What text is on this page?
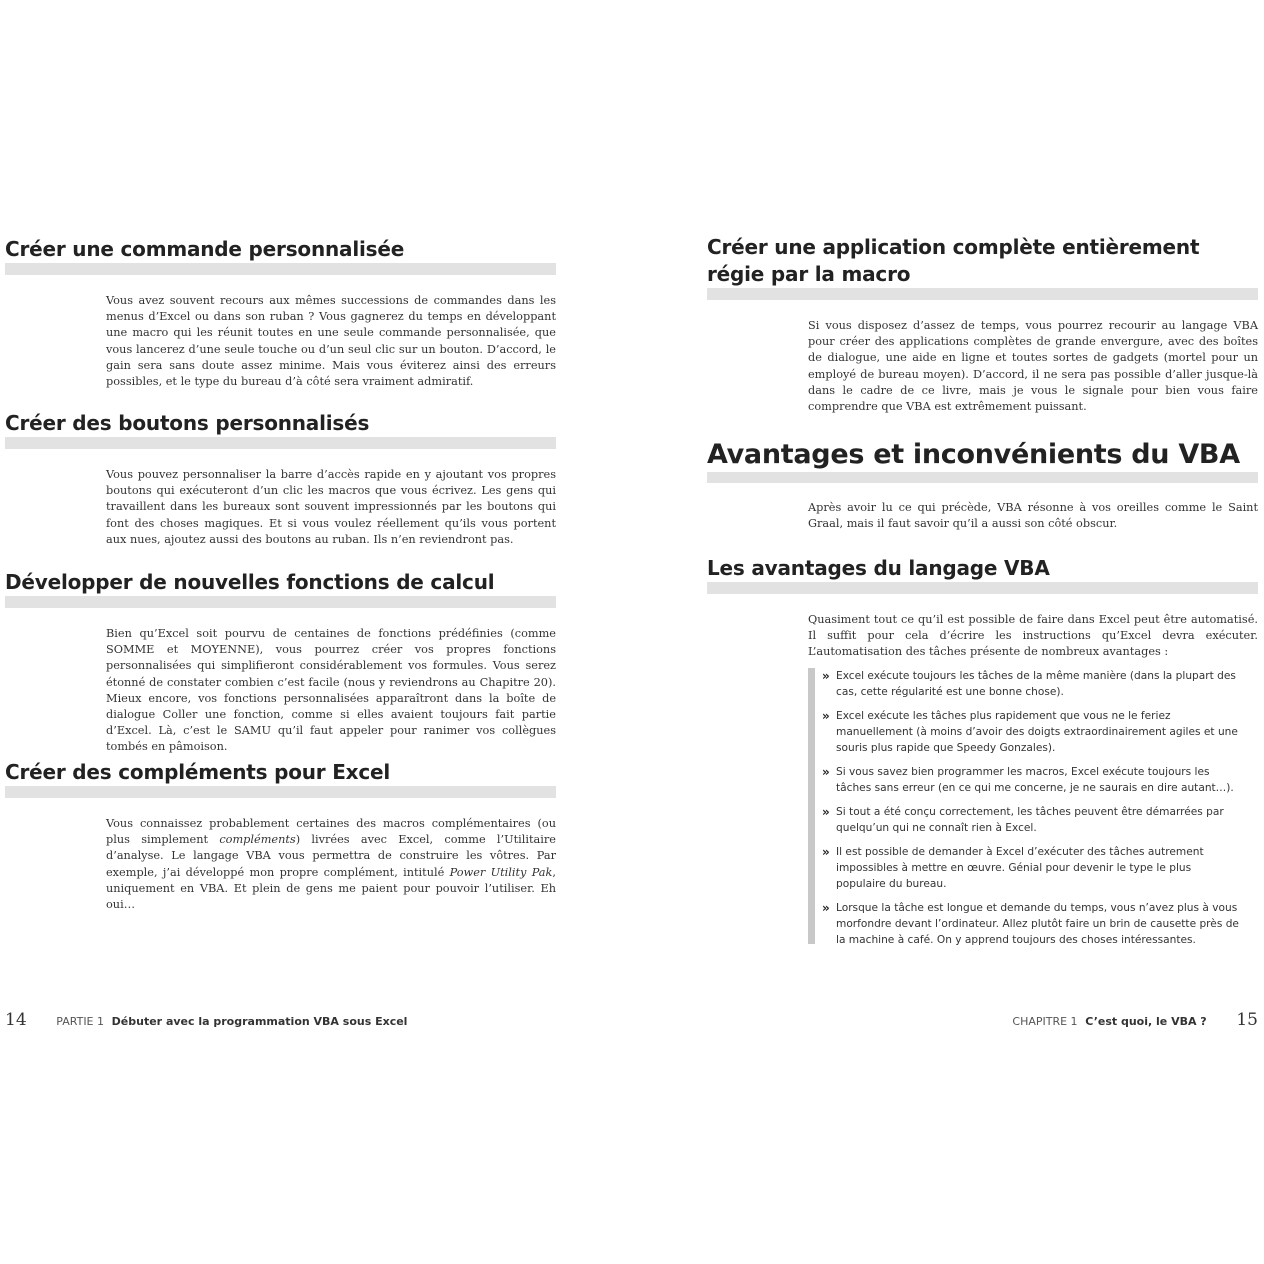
Créer une commande personnalisée

Vous avez souvent recours aux mêmes successions de commandes dans les menus d’Excel ou dans son ruban ? Vous gagnerez du temps en développant une macro qui les réunit toutes en une seule commande personnalisée, que vous lancerez d’une seule touche ou d’un seul clic sur un bouton. D’accord, le gain sera sans doute assez minime. Mais vous éviterez ainsi des erreurs possibles, et le type du bureau d’à côté sera vraiment admiratif.

Créer des boutons personnalisés

Vous pouvez personnaliser la barre d’accès rapide en y ajoutant vos propres boutons qui exécuteront d’un clic les macros que vous écrivez. Les gens qui travaillent dans les bureaux sont souvent impressionnés par les boutons qui font des choses magiques. Et si vous voulez réellement qu’ils vous portent aux nues, ajoutez aussi des boutons au ruban. Ils n’en reviendront pas.

Développer de nouvelles fonctions de calcul

Bien qu’Excel soit pourvu de centaines de fonctions prédéfinies (comme SOMME et MOYENNE), vous pourrez créer vos propres fonctions personnalisées qui simplifieront considérablement vos formules. Vous serez étonné de constater combien c’est facile (nous y reviendrons au Chapitre 20). Mieux encore, vos fonctions personnalisées apparaîtront dans la boîte de dialogue Coller une fonction, comme si elles avaient toujours fait partie d’Excel. Là, c’est le SAMU qu’il faut appeler pour ranimer vos collègues tombés en pâmoison.

Créer des compléments pour Excel

Vous connaissez probablement certaines des macros complémentaires (ou plus simplement compléments) livrées avec Excel, comme l’Utilitaire d’analyse. Le langage VBA vous permettra de construire les vôtres. Par exemple, j’ai développé mon propre complément, intitulé Power Utility Pak, uniquement en VBA. Et plein de gens me paient pour pouvoir l’utiliser. Eh oui…

14	PARTIE 1 Débuter avec la programmation VBA sous Excel
Créer une application complète entièrement régie par la macro

Si vous disposez d’assez de temps, vous pourrez recourir au langage VBA pour créer des applications complètes de grande envergure, avec des boîtes de dialogue, une aide en ligne et toutes sortes de gadgets (mortel pour un employé de bureau moyen). D’accord, il ne sera pas possible d’aller jusque-là dans le cadre de ce livre, mais je vous le signale pour bien vous faire comprendre que VBA est extrêmement puissant.

Avantages et inconvénients du VBA

Après avoir lu ce qui précède, VBA résonne à vos oreilles comme le Saint Graal, mais il faut savoir qu’il a aussi son côté obscur.

Les avantages du langage VBA

Quasiment tout ce qu’il est possible de faire dans Excel peut être automatisé. Il suffit pour cela d’écrire les instructions qu’Excel devra exécuter. L’automatisation des tâches présente de nombreux avantages :

» Excel exécute toujours les tâches de la même manière (dans la plupart des cas, cette régularité est une bonne chose).
» Excel exécute les tâches plus rapidement que vous ne le feriez manuellement (à moins d’avoir des doigts extraordinairement agiles et une souris plus rapide que Speedy Gonzales).
» Si vous savez bien programmer les macros, Excel exécute toujours les tâches sans erreur (en ce qui me concerne, je ne saurais en dire autant…).
» Si tout a été conçu correctement, les tâches peuvent être démarrées par quelqu’un qui ne connaît rien à Excel.
» Il est possible de demander à Excel d’exécuter des tâches autrement impossibles à mettre en œuvre. Génial pour devenir le type le plus populaire du bureau.
» Lorsque la tâche est longue et demande du temps, vous n’avez plus à vous morfondre devant l’ordinateur. Allez plutôt faire un brin de causette près de la machine à café. On y apprend toujours des choses intéressantes.
CHAPITRE 1 C’est quoi, le VBA ? 15
